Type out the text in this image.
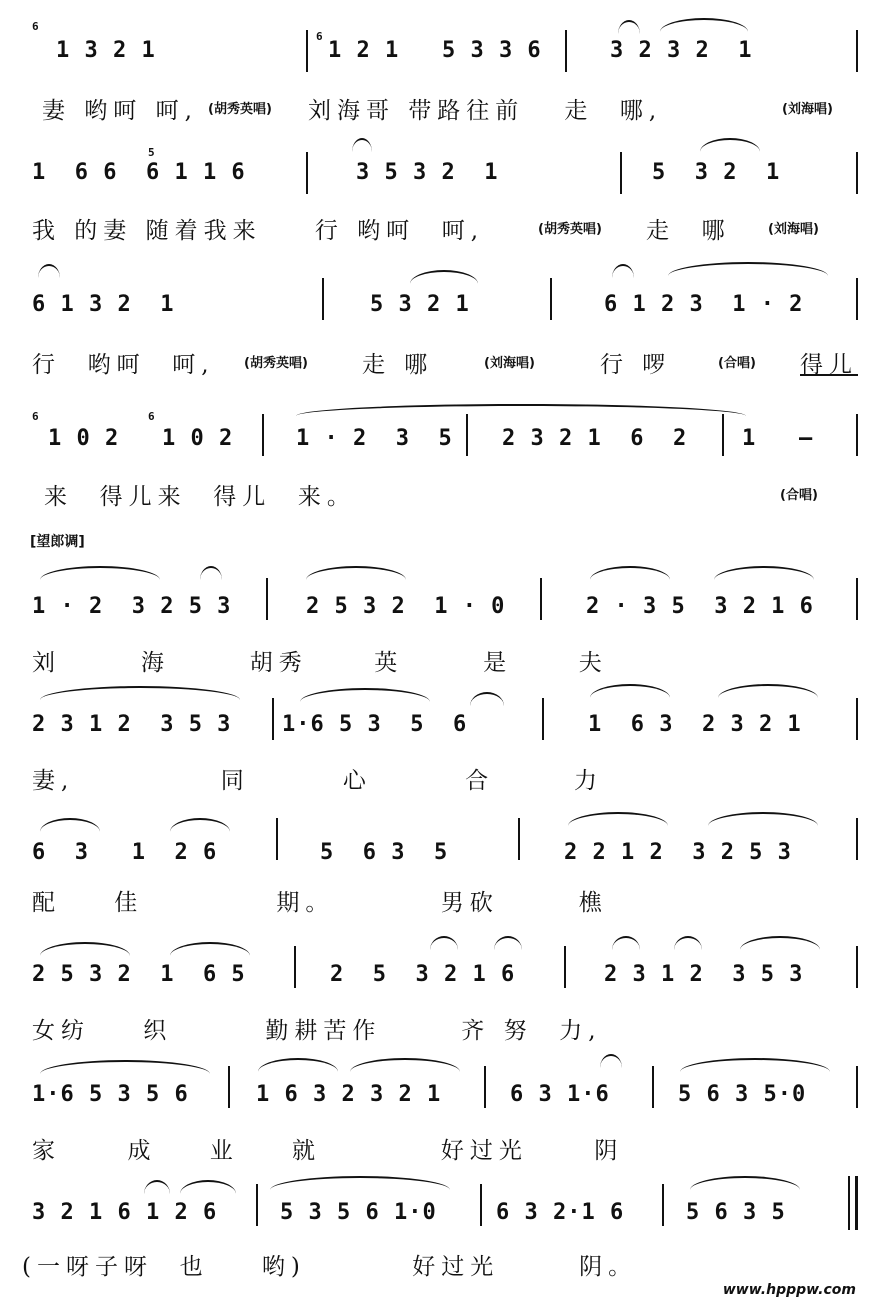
6
1 3 2 1
6
1 2 1   5 3 3 6	3 2 3 2  1
妻 哟呵 呵, (胡秀英唱) 刘海哥 带路往前   走  哪,	(刘海唱)
5
1  6 6  6 1 1 6	3 5 3 2  1	5  3 2  1
我 的妻 随着我来    行 哟呵  呵,	(胡秀英唱) 走  哪	(刘海唱)
6 1 3 2  1	5 3 2 1	6 1 2 3  1 · 2
行  哟呵  呵, (胡秀英唱) 走 哪	(刘海唱)	行 啰	(合唱) 得儿
6	6
1 0 2   1 0 2	1 · 2  3  5 2 3 2 1  6  2 1   –
来  得儿来  得儿  来。	(合唱)
[望郎调]
1 · 2  3 2 5 3	2 5 3 2  1 · 0	2 · 3 5  3 2 1 6
刘      海      胡秀     英      是     夫
2 3 1 2  3 5 3 1·6 5 3  5  6	1  6 3  2 3 2 1
妻,           同       心       合      力
6  3   1  2 6	5  6 3  5	2 2 1 2  3 2 5 3
配    佳          期。        男砍      樵
2 5 3 2  1  6 5	2  5  3 2 1 6	2 3 1 2  3 5 3
女纺    织       勤耕苦作      齐 努  力,
1·6 5 3 5 6	1 6 3 2 3 2 1	6 3 1·6	5 6 3 5·0
家     成    业    就         好过光     阴
3 2 1 6 1 2 6	5 3 5 6 1·0	6 3 2·1 6	5 6 3 5
(一呀子呀  也    哟)        好过光      阴。
www.hpppw.com
